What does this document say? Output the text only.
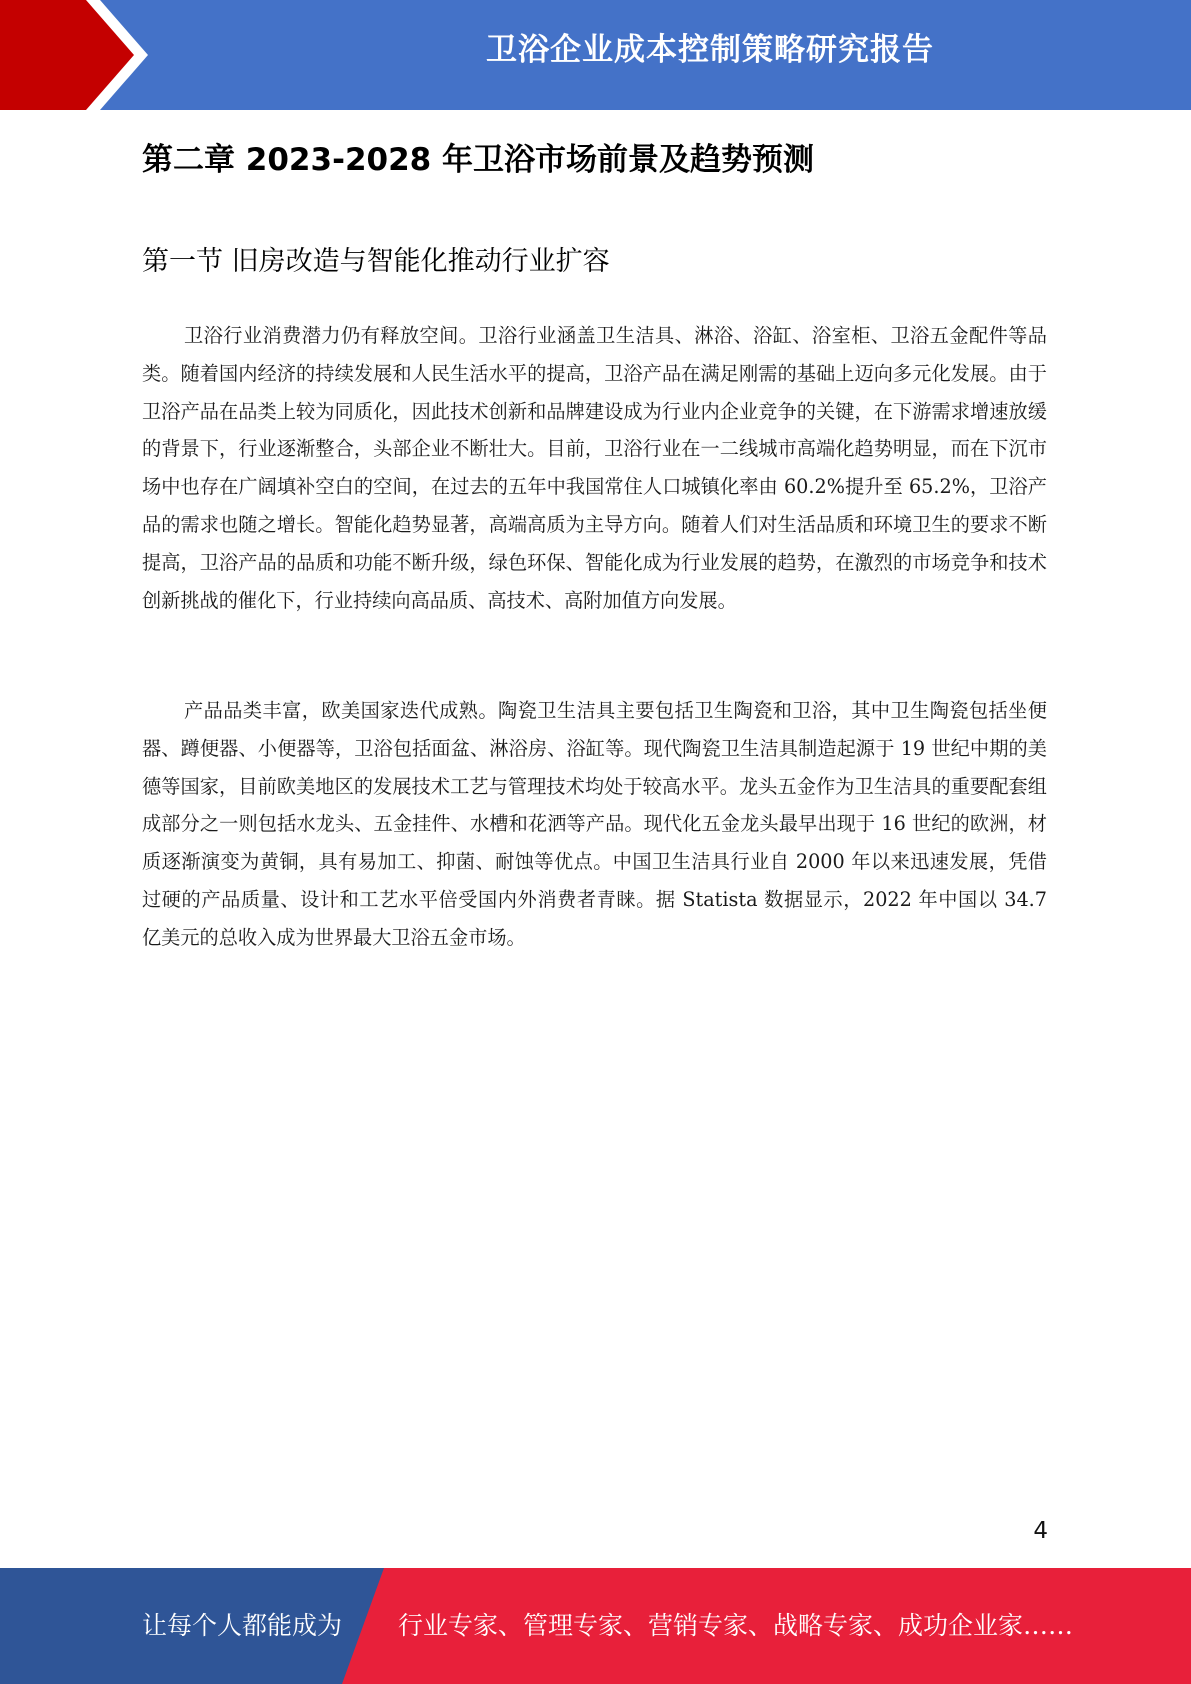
卫浴企业成本控制策略研究报告
第二章 2023-2028 年卫浴市场前景及趋势预测
第一节 旧房改造与智能化推动行业扩容

卫浴行业消费潜力仍有释放空间。卫浴行业涵盖卫生洁具、淋浴、浴缸、浴室柜、卫浴五金配件等品类。随着国内经济的持续发展和人民生活水平的提高，卫浴产品在满足刚需的基础上迈向多元化发展。由于卫浴产品在品类上较为同质化，因此技术创新和品牌建设成为行业内企业竞争的关键，在下游需求增速放缓的背景下，行业逐渐整合，头部企业不断壮大。目前，卫浴行业在一二线城市高端化趋势明显，而在下沉市场中也存在广阔填补空白的空间，在过去的五年中我国常住人口城镇化率由 60.2%提升至 65.2%，卫浴产品的需求也随之增长。智能化趋势显著，高端高质为主导方向。随着人们对生活品质和环境卫生的要求不断提高，卫浴产品的品质和功能不断升级，绿色环保、智能化成为行业发展的趋势，在激烈的市场竞争和技术创新挑战的催化下，行业持续向高品质、高技术、高附加值方向发展。

产品品类丰富，欧美国家迭代成熟。陶瓷卫生洁具主要包括卫生陶瓷和卫浴，其中卫生陶瓷包括坐便器、蹲便器、小便器等，卫浴包括面盆、淋浴房、浴缸等。现代陶瓷卫生洁具制造起源于 19 世纪中期的美德等国家，目前欧美地区的发展技术工艺与管理技术均处于较高水平。龙头五金作为卫生洁具的重要配套组成部分之一则包括水龙头、五金挂件、水槽和花洒等产品。现代化五金龙头最早出现于 16 世纪的欧洲，材质逐渐演变为黄铜，具有易加工、抑菌、耐蚀等优点。中国卫生洁具行业自 2000 年以来迅速发展，凭借过硬的产品质量、设计和工艺水平倍受国内外消费者青睐。据 Statista 数据显示，2022 年中国以 34.7 亿美元的总收入成为世界最大卫浴五金市场。

4
让每个人都能成为 行业专家、管理专家、营销专家、战略专家、成功企业家……
